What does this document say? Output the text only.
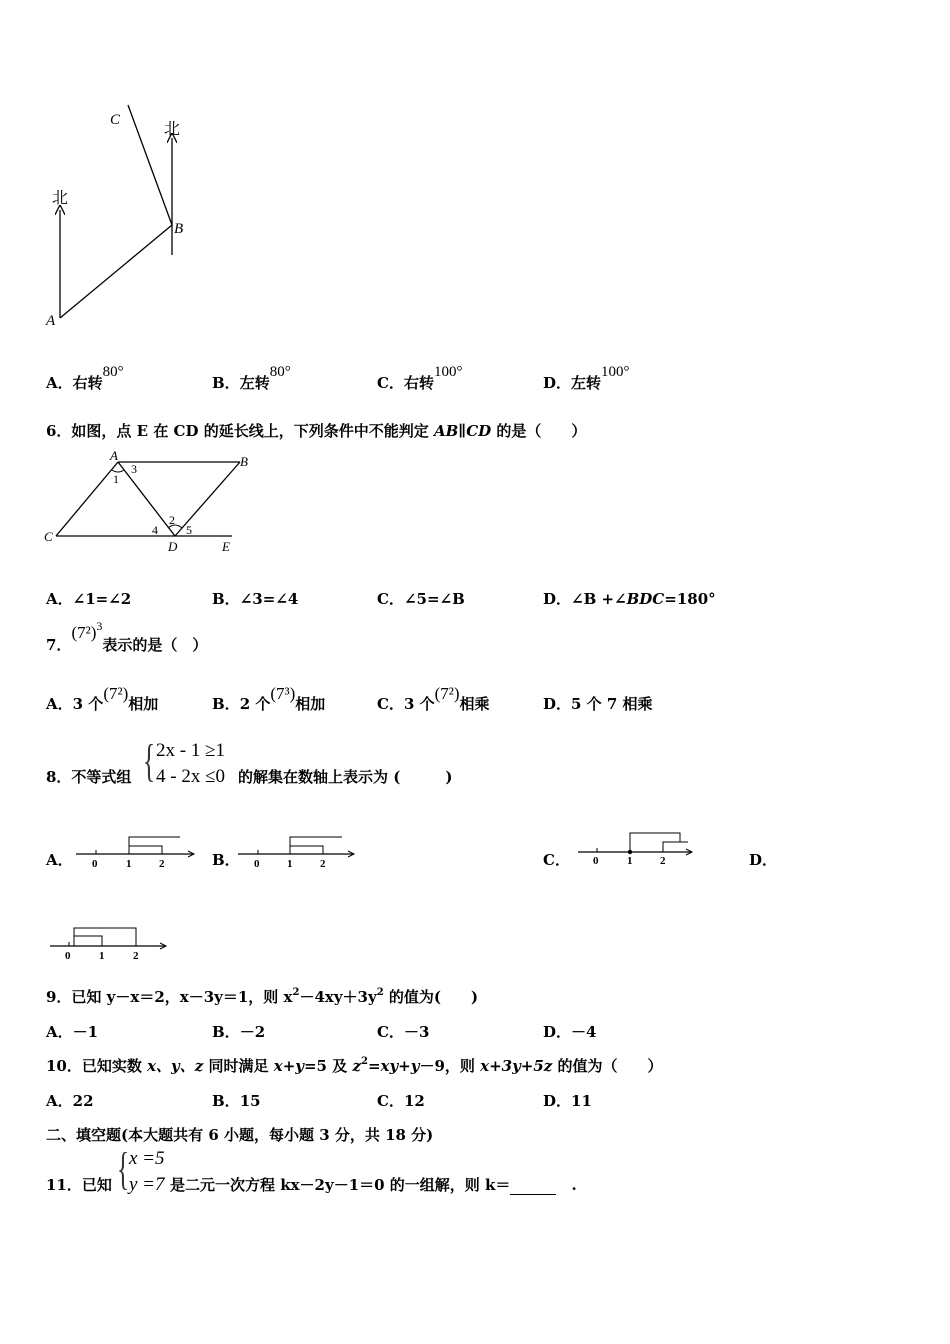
北
北
A
B
C
A．右转80°
B．左转80°
C．右转100°
D．左转100°
6．如图，点 E 在 CD 的延长线上，下列条件中不能判定 AB∥CD 的是（　　）
A	B
C
D	E
1
3
4
2
5
A．∠1=∠2	B．∠3=∠4	C．∠5=∠B	D．∠B +∠BDC=180°
7．$(7^2)^3$表示的是（　）
A．3 个(7²)相加	B．2 个(7³)相加	C．3 个(7²)相乘	D．5 个 7 相乘
8．不等式组 { 2x - 1 ≥1
4 - 2x ≤0 的解集在数轴上表示为 (　　　)
A． 0	1	2	B． 0	1	2	C． 0	1	2	D．
0	1	2
9．已知 y－x＝2，x－3y＝1，则 $x^2-4xy+3y^2$ 的值为(　　)
A．－1	B．－2	C．－3	D．－4
10．已知实数 x、y、z 同时满足 x+y=5 及 $z^2=xy+y-9$，则 x+3y+5z 的值为（　　）
A．22	B．15	C．12	D．11
二、填空题(本大题共有 6 小题，每小题 3 分，共 18 分)
11．已知 { x =5
y =7 是二元一次方程 kx－2y－1＝0 的一组解，则 k＝	　.
